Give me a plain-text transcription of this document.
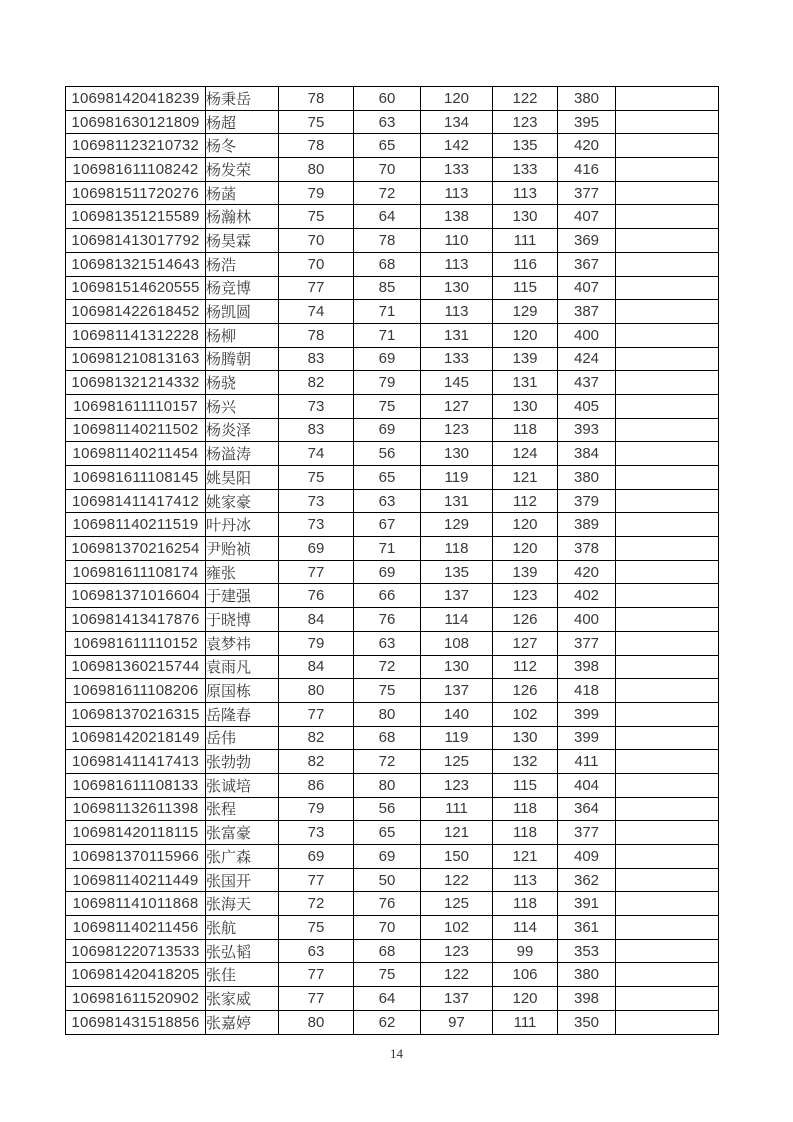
106981420418239	杨秉岳	78	60	120	122	380	
106981630121809	杨超	75	63	134	123	395	
106981123210732	杨冬	78	65	142	135	420	
106981611108242	杨发荣	80	70	133	133	416	
106981511720276	杨菡	79	72	113	113	377	
106981351215589	杨瀚林	75	64	138	130	407	
106981413017792	杨昊霖	70	78	110	111	369	
106981321514643	杨浩	70	68	113	116	367	
106981514620555	杨竞博	77	85	130	115	407	
106981422618452	杨凯圆	74	71	113	129	387	
106981141312228	杨柳	78	71	131	120	400	
106981210813163	杨腾朝	83	69	133	139	424	
106981321214332	杨骁	82	79	145	131	437	
106981611110157	杨兴	73	75	127	130	405	
106981140211502	杨炎泽	83	69	123	118	393	
106981140211454	杨溢涛	74	56	130	124	384	
106981611108145	姚昊阳	75	65	119	121	380	
106981411417412	姚家豪	73	63	131	112	379	
106981140211519	叶丹冰	73	67	129	120	389	
106981370216254	尹贻祯	69	71	118	120	378	
106981611108174	雍张	77	69	135	139	420	
106981371016604	于建强	76	66	137	123	402	
106981413417876	于晓博	84	76	114	126	400	
106981611110152	袁梦祎	79	63	108	127	377	
106981360215744	袁雨凡	84	72	130	112	398	
106981611108206	原国栋	80	75	137	126	418	
106981370216315	岳隆春	77	80	140	102	399	
106981420218149	岳伟	82	68	119	130	399	
106981411417413	张勃勃	82	72	125	132	411	
106981611108133	张诚培	86	80	123	115	404	
106981132611398	张程	79	56	111	118	364	
106981420118115	张富豪	73	65	121	118	377	
106981370115966	张广森	69	69	150	121	409	
106981140211449	张国开	77	50	122	113	362	
106981141011868	张海天	72	76	125	118	391	
106981140211456	张航	75	70	102	114	361	
106981220713533	张弘韬	63	68	123	99	353	
106981420418205	张佳	77	75	122	106	380	
106981611520902	张家威	77	64	137	120	398	
106981431518856	张嘉婷	80	62	97	111	350	
14
